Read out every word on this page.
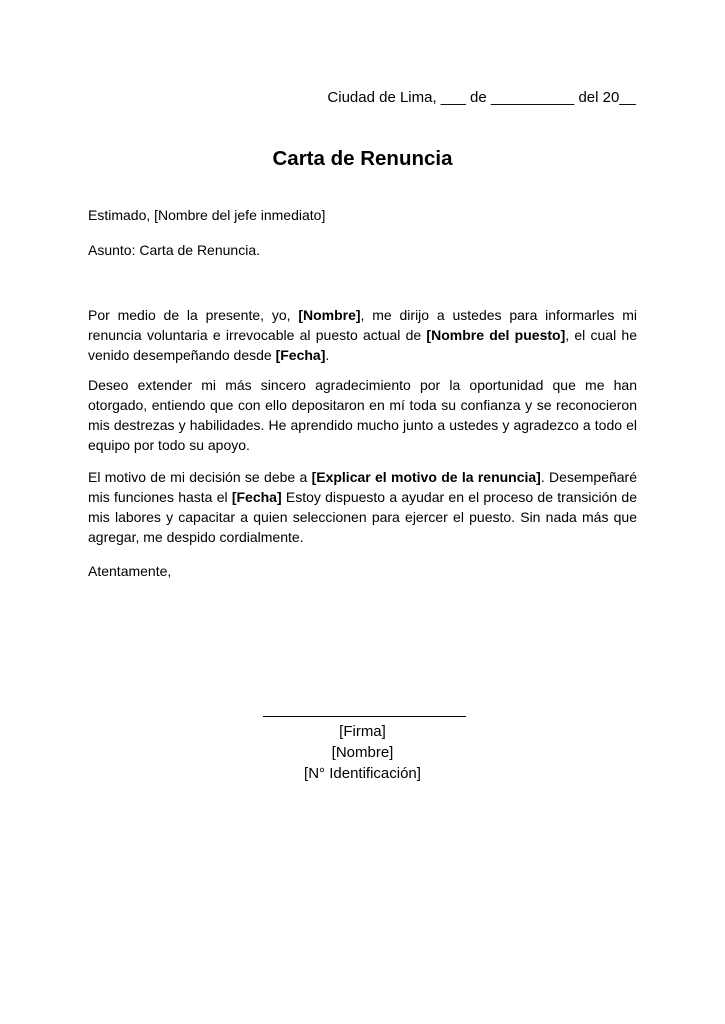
Ciudad de Lima, ___ de __________ del 20__
Carta de Renuncia
Estimado, [Nombre del jefe inmediato]
Asunto: Carta de Renuncia.
Por medio de la presente, yo, [Nombre], me dirijo a ustedes para informarles mi renuncia voluntaria e irrevocable al puesto actual de [Nombre del puesto], el cual he venido desempeñando desde [Fecha].
Deseo extender mi más sincero agradecimiento por la oportunidad que me han otorgado, entiendo que con ello depositaron en mí toda su confianza y se reconocieron mis destrezas y habilidades. He aprendido mucho junto a ustedes y agradezco a todo el equipo por todo su apoyo.
El motivo de mi decisión se debe a [Explicar el motivo de la renuncia]. Desempeñaré mis funciones hasta el [Fecha] Estoy dispuesto a ayudar en el proceso de transición de mis labores y capacitar a quien seleccionen para ejercer el puesto. Sin nada más que agregar, me despido cordialmente.
Atentamente,
[Firma]
[Nombre]
[N° Identificación]
